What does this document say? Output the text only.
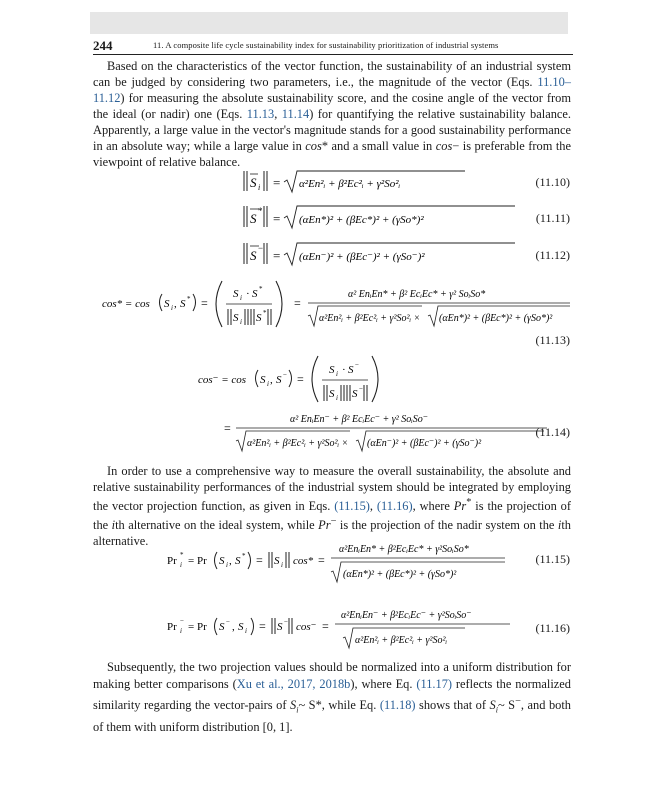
244	11. A composite life cycle sustainability index for sustainability prioritization of industrial systems
Based on the characteristics of the vector function, the sustainability of an industrial system can be judged by considering two parameters, i.e., the magnitude of the vector (Eqs. 11.10–11.12) for measuring the absolute sustainability score, and the cosine angle of the vector from the ideal (or nadir) one (Eqs. 11.13, 11.14) for quantifying the relative sustainability balance. Apparently, a large value in the vector's magnitude stands for a good sustainability performance in an absolute way; while a large value in cos* and a small value in cos− is preferable from the viewpoint of relative balance.
S i = α²En²ᵢ + β²Ec²ᵢ + γ²So²ᵢ	(11.10)
S * = (αEn*)² + (βEc*)² + (γSo*)²	(11.11)
S − = (αEn⁻)² + (βEc⁻)² + (γSo⁻)²	(11.12)
cos* = cos S i , S * =
S i · S *
S i S *
=
α² EnᵢEn* + β² EcᵢEc* + γ² SoᵢSo*
α²En²ᵢ + β²Ec²ᵢ + γ²So²ᵢ × (αEn*)² + (βEc*)² + (γSo*)²
(11.13)
cos⁻ = cos S i , S − =
S i · S −
S i S −
=
α² EnᵢEn⁻ + β² EcᵢEc⁻ + γ² SoᵢSo⁻
α²En²ᵢ + β²Ec²ᵢ + γ²So²ᵢ × (αEn⁻)² + (βEc⁻)² + (γSo⁻)²
(11.14)
In order to use a comprehensive way to measure the overall sustainability, the absolute and relative sustainability performances of the industrial system should be integrated by employing the vector projection function, as given in Eqs. (11.15), (11.16), where Pr* is the projection of the ith alternative on the ideal system, while Pr− is the projection of the nadir system on the ith alternative.
Pr *
i = Pr S i , S * = S i cos* =
α²EnᵢEn* + β²EcᵢEc* + γ²SoᵢSo*
(αEn*)² + (βEc*)² + (γSo*)²
(11.15)
Pr −
i = Pr S − , S i = S − cos⁻ =
α²EnᵢEn⁻ + β²EcᵢEc⁻ + γ²SoᵢSo⁻
α²En²ᵢ + β²Ec²ᵢ + γ²So²ᵢ
(11.16)
Subsequently, the two projection values should be normalized into a uniform distribution for making better comparisons (Xu et al., 2017, 2018b), where Eq. (11.17) reflects the normalized similarity regarding the vector-pairs of $S_i\sim$ S*, while Eq. (11.18) shows that of $S_i\sim$ S−, and both of them with uniform distribution [0, 1].
